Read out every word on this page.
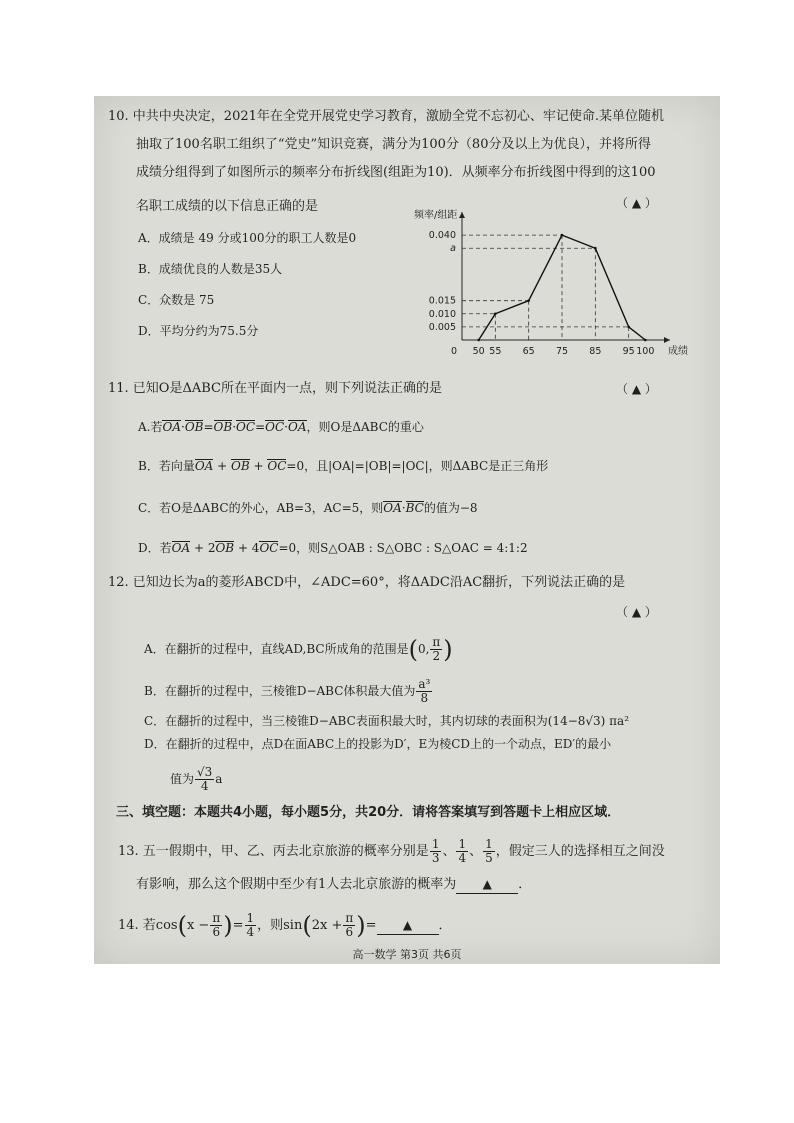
10. 中共中央决定，2021年在全党开展党史学习教育，激励全党不忘初心、牢记使命.某单位随机
抽取了100名职工组织了“党史”知识竞赛，满分为100分（80分及以上为优良），并将所得
成绩分组得到了如图所示的频率分布折线图(组距为10)．从频率分布折线图中得到的这100
名职工成绩的以下信息正确的是	（ ▲ ）
A．成绩是 49 分或100分的职工人数是0
B．成绩优良的人数是35人
C．众数是 75
D．平均分约为75.5分
频率/组距
成绩
0 50 55 65 75 85 95 100
0.040
a
0.015
0.010
0.005
11. 已知O是ΔABC所在平面内一点，则下列说法正确的是	（ ▲ ）
A.若OA·OB=OB·OC=OC·OA，则O是ΔABC的重心
B．若向量OA + OB + OC=0，且|OA|=|OB|=|OC|，则ΔABC是正三角形
C．若O是ΔABC的外心，AB=3，AC=5，则OA·BC的值为−8
D．若OA + 2OB + 4OC=0，则S△OAB : S△OBC : S△OAC = 4:1:2
12. 已知边长为a的菱形ABCD中，∠ADC=60°，将ΔADC沿AC翻折，下列说法正确的是
（ ▲ ）
A．在翻折的过程中，直线AD,BC所成角的范围是(0, $\frac{\pi}{2}$ )
B．在翻折的过程中，三棱锥D−ABC体积最大值为 $\frac{\text{a³}}{8}$
C．在翻折的过程中，当三棱锥D−ABC表面积最大时，其内切球的表面积为(14−8√3) πa²
D．在翻折的过程中，点D在面ABC上的投影为D′，E为棱CD上的一个动点，ED′的最小
值为 $\frac{√3}{4}$ a
三、填空题：本题共4小题，每小题5分，共20分．请将答案填写到答题卡上相应区域．
13. 五一假期中，甲、乙、丙去北京旅游的概率分别是 $\frac{1}{3}$ 、 $\frac{1}{4}$ 、 $\frac{1}{5}$ ，假定三人的选择相互之间没
有影响，那么这个假期中至少有1人去北京旅游的概率为 ▲ ．
14. 若$\cos(x - \frac{\pi}{6}$ )= $\frac{1}{4}$ ，则$\sin(2x + \frac{\pi}{6}$ )= ▲ ．
高一数学 第3页 共6页
